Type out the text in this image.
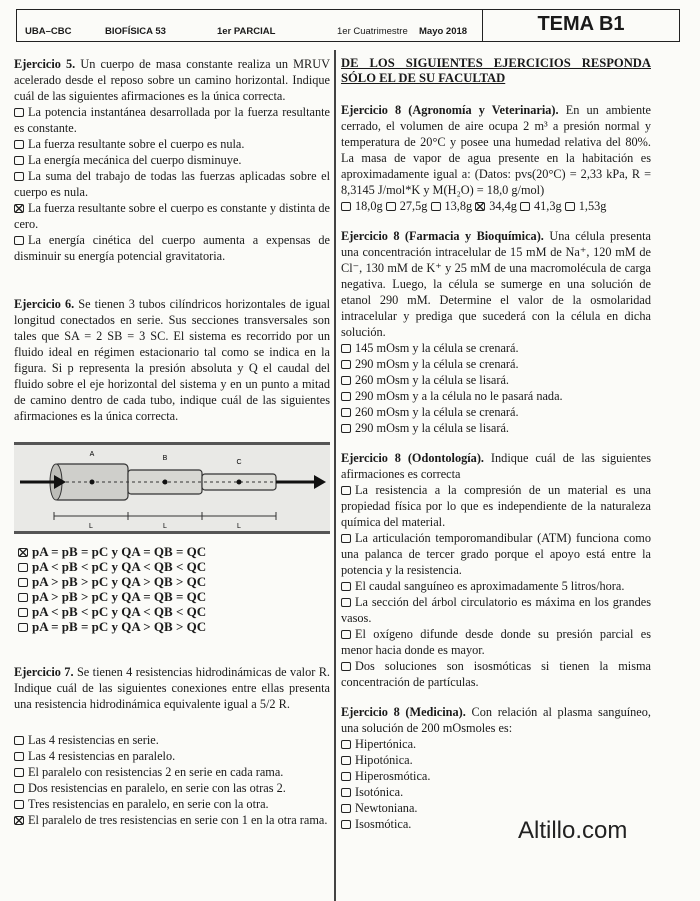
UBA–CBC	BIOFÍSICA 53	1er PARCIAL	1er Cuatrimestre Mayo 2018	TEMA B1

Ejercicio 5. Un cuerpo de masa constante realiza un MRUV acelerado desde el reposo sobre un camino horizontal. Indique cuál de las siguientes afirmaciones es la única correcta.

La potencia instantánea desarrollada por la fuerza resultante es constante.
La fuerza resultante sobre el cuerpo es nula.
La energía mecánica del cuerpo disminuye.
La suma del trabajo de todas las fuerzas aplicadas sobre el cuerpo es nula.
La fuerza resultante sobre el cuerpo es constante y distinta de cero.
La energía cinética del cuerpo aumenta a expensas de disminuir su energía potencial gravitatoria.

Ejercicio 6. Se tienen 3 tubos cilíndricos horizontales de igual longitud conectados en serie. Sus secciones transversales son tales que SA = 2 SB = 3 SC. El sistema es recorrido por un fluido ideal en régimen estacionario tal como se indica en la figura. Si p representa la presión absoluta y Q el caudal del fluido sobre el eje horizontal del sistema y en un punto a mitad de camino dentro de cada tubo, indique cuál de las siguientes afirmaciones es la única correcta.

A
B
C
L	L	L
pA = pB = pC y QA = QB = QC
pA < pB < pC y QA < QB < QC
pA > pB > pC y QA > QB > QC
pA > pB > pC y QA = QB = QC
pA < pB < pC y QA < QB < QC
pA = pB = pC y QA > QB > QC

Ejercicio 7. Se tienen 4 resistencias hidrodinámicas de valor R. Indique cuál de las siguientes conexiones entre ellas presenta una resistencia hidrodinámica equivalente igual a 5/2 R.

Las 4 resistencias en serie.
Las 4 resistencias en paralelo.
El paralelo con resistencias 2 en serie en cada rama.
Dos resistencias en paralelo, en serie con las otras 2.
Tres resistencias en paralelo, en serie con la otra.
El paralelo de tres resistencias en serie con 1 en la otra rama.

DE LOS SIGUIENTES EJERCICIOS RESPONDA SÓLO EL DE SU FACULTAD

Ejercicio 8 (Agronomía y Veterinaria). En un ambiente cerrado, el volumen de aire ocupa 2 m³ a presión normal y temperatura de 20°C y posee una humedad relativa del 80%. La masa de vapor de agua presente en la habitación es aproximadamente igual a: (Datos: pvs(20°C) = 2,33 kPa, R = 8,3145 J/mol*K y M(H₂O) = 18,0 g/mol)

18,0g 27,5g 13,8g 34,4g 41,3g 1,53g

Ejercicio 8 (Farmacia y Bioquímica). Una célula presenta una concentración intracelular de 15 mM de Na⁺, 120 mM de Cl⁻, 130 mM de K⁺ y 25 mM de una macromolécula de carga negativa. Luego, la célula se sumerge en una solución de etanol 290 mM. Determine el valor de la osmolaridad intracelular y prediga que sucederá con la célula en dicha solución.

145 mOsm y la célula se crenará.
290 mOsm y la célula se crenará.
260 mOsm y la célula se lisará.
290 mOsm y a la célula no le pasará nada.
260 mOsm y la célula se crenará.
290 mOsm y la célula se lisará.

Ejercicio 8 (Odontología). Indique cuál de las siguientes afirmaciones es correcta

La resistencia a la compresión de un material es una propiedad física por lo que es independiente de la naturaleza química del material.
La articulación temporomandibular (ATM) funciona como una palanca de tercer grado porque el apoyo está entre la potencia y la resistencia.
El caudal sanguíneo es aproximadamente 5 litros/hora.
La sección del árbol circulatorio es máxima en los grandes vasos.
El oxígeno difunde desde donde su presión parcial es menor hacia donde es mayor.
Dos soluciones son isosmóticas si tienen la misma concentración de partículas.

Ejercicio 8 (Medicina). Con relación al plasma sanguíneo, una solución de 200 mOsmoles es:

Hipertónica.
Hipotónica.
Hiperosmótica.
Isotónica.
Newtoniana.
Isosmótica.	Altillo.com
